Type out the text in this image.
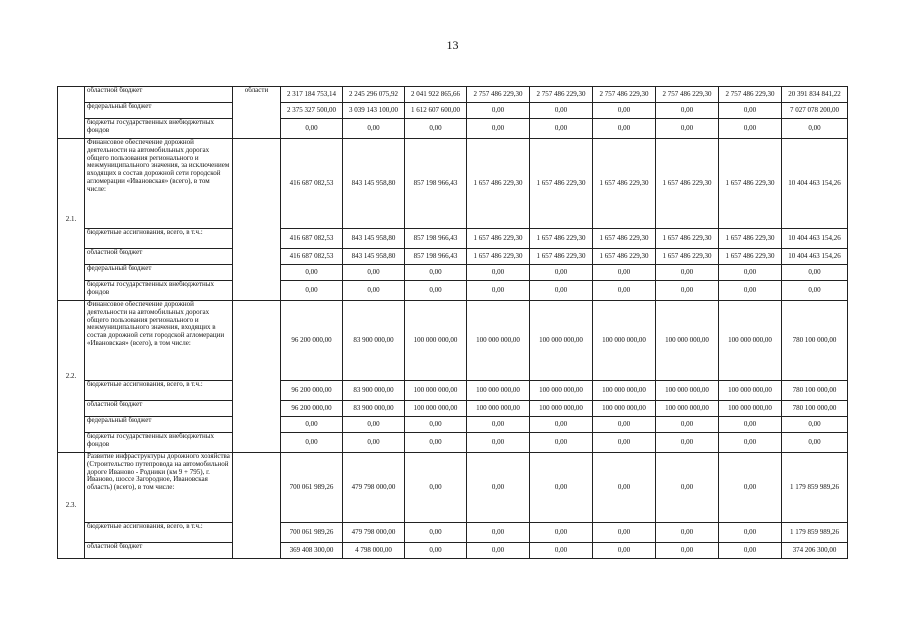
13
	областной бюджет	области	2 317 184 753,14	2 245 296 075,92	2 041 922 865,66	2 757 486 229,30	2 757 486 229,30	2 757 486 229,30	2 757 486 229,30	2 757 486 229,30	20 391 834 841,22
	федеральный бюджет		2 375 327 500,00	3 039 143 100,00	1 612 607 600,00	0,00	0,00	0,00	0,00	0,00	7 027 078 200,00
	бюджеты государственных внебюджетных фондов		0,00	0,00	0,00	0,00	0,00	0,00	0,00	0,00	0,00
2.1.	Финансовое обеспечение дорожной деятельности на автомобильных дорогах общего пользования регионального и межмуниципального значения, за исключением входящих в состав дорожной сети городской агломерации «Ивановская» (всего), в том числе:		416 687 082,53	843 145 958,80	857 198 966,43	1 657 486 229,30	1 657 486 229,30	1 657 486 229,30	1 657 486 229,30	1 657 486 229,30	10 404 463 154,26
	бюджетные ассигнования, всего, в т.ч.:		416 687 082,53	843 145 958,80	857 198 966,43	1 657 486 229,30	1 657 486 229,30	1 657 486 229,30	1 657 486 229,30	1 657 486 229,30	10 404 463 154,26
	областной бюджет		416 687 082,53	843 145 958,80	857 198 966,43	1 657 486 229,30	1 657 486 229,30	1 657 486 229,30	1 657 486 229,30	1 657 486 229,30	10 404 463 154,26
	федеральный бюджет		0,00	0,00	0,00	0,00	0,00	0,00	0,00	0,00	0,00
	бюджеты государственных внебюджетных фондов		0,00	0,00	0,00	0,00	0,00	0,00	0,00	0,00	0,00
2.2.	Финансовое обеспечение дорожной деятельности на автомобильных дорогах общего пользования регионального и межмуниципального значения, входящих в состав дорожной сети городской агломерации «Ивановская» (всего), в том числе:		96 200 000,00	83 900 000,00	100 000 000,00	100 000 000,00	100 000 000,00	100 000 000,00	100 000 000,00	100 000 000,00	780 100 000,00
	бюджетные ассигнования, всего, в т.ч.:		96 200 000,00	83 900 000,00	100 000 000,00	100 000 000,00	100 000 000,00	100 000 000,00	100 000 000,00	100 000 000,00	780 100 000,00
	областной бюджет		96 200 000,00	83 900 000,00	100 000 000,00	100 000 000,00	100 000 000,00	100 000 000,00	100 000 000,00	100 000 000,00	780 100 000,00
	федеральный бюджет		0,00	0,00	0,00	0,00	0,00	0,00	0,00	0,00	0,00
	бюджеты государственных внебюджетных фондов		0,00	0,00	0,00	0,00	0,00	0,00	0,00	0,00	0,00
2.3.	Развитие инфраструктуры дорожного хозяйства (Строительство путепровода на автомобильной дороге Иваново - Родники (км 9 + 795), г. Иваново, шоссе Загородное, Ивановская область) (всего), в том числе:		700 061 989,26	479 798 000,00	0,00	0,00	0,00	0,00	0,00	0,00	1 179 859 989,26
	бюджетные ассигнования, всего, в т.ч.:		700 061 989,26	479 798 000,00	0,00	0,00	0,00	0,00	0,00	0,00	1 179 859 989,26
	областной бюджет		369 408 300,00	4 798 000,00	0,00	0,00	0,00	0,00	0,00	0,00	374 206 300,00
